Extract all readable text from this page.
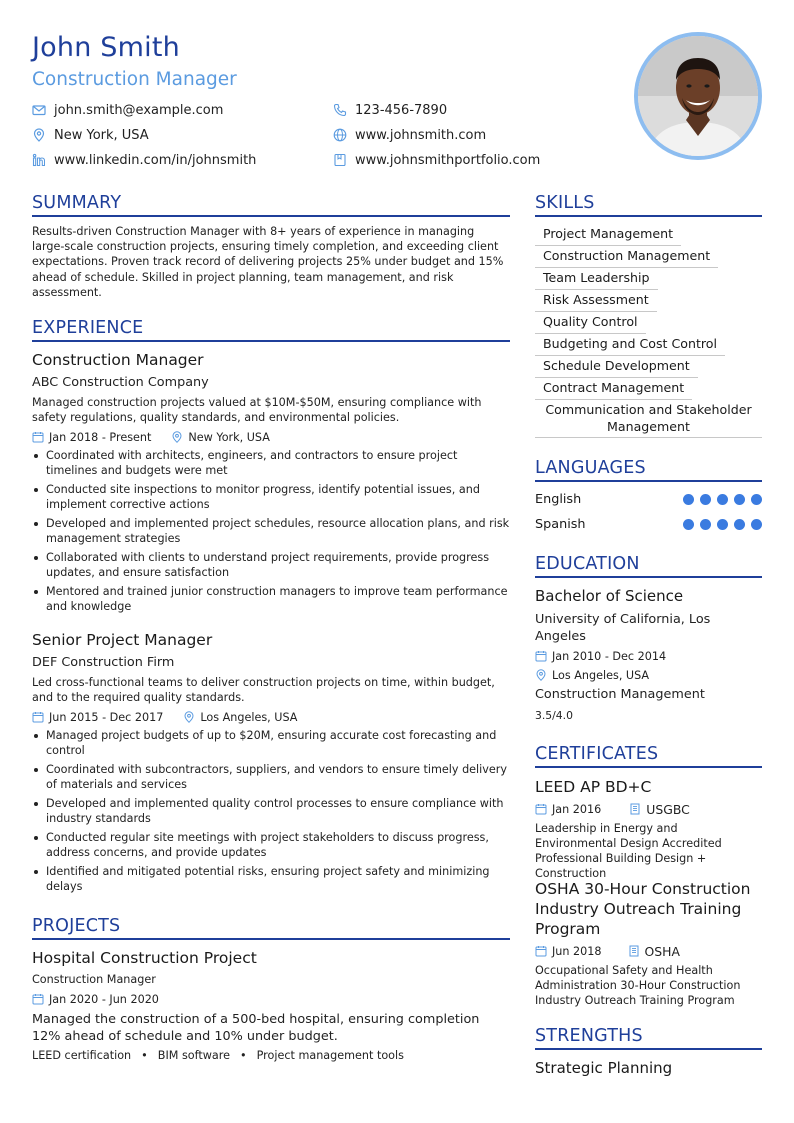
John Smith
Construction Manager
john.smith@example.com	123-456-7890
New York, USA	www.johnsmith.com
www.linkedin.com/in/johnsmith	www.johnsmithportfolio.com
SUMMARY
Results-driven Construction Manager with 8+ years of experience in managing large-scale construction projects, ensuring timely completion, and exceeding client expectations. Proven track record of delivering projects 25% under budget and 15% ahead of schedule. Skilled in project planning, team management, and risk assessment.
EXPERIENCE
Construction Manager
ABC Construction Company
Managed construction projects valued at $10M-$50M, ensuring compliance with safety regulations, quality standards, and environmental policies.
Jan 2018 - Present	New York, USA
Coordinated with architects, engineers, and contractors to ensure project timelines and budgets were met
Conducted site inspections to monitor progress, identify potential issues, and implement corrective actions
Developed and implemented project schedules, resource allocation plans, and risk management strategies
Collaborated with clients to understand project requirements, provide progress updates, and ensure satisfaction
Mentored and trained junior construction managers to improve team performance and knowledge
Senior Project Manager
DEF Construction Firm
Led cross-functional teams to deliver construction projects on time, within budget, and to the required quality standards.
Jun 2015 - Dec 2017	Los Angeles, USA
Managed project budgets of up to $20M, ensuring accurate cost forecasting and control
Coordinated with subcontractors, suppliers, and vendors to ensure timely delivery of materials and services
Developed and implemented quality control processes to ensure compliance with industry standards
Conducted regular site meetings with project stakeholders to discuss progress, address concerns, and provide updates
Identified and mitigated potential risks, ensuring project safety and minimizing delays
PROJECTS
Hospital Construction Project
Construction Manager
Jan 2020 - Jun 2020
Managed the construction of a 500-bed hospital, ensuring completion 12% ahead of schedule and 10% under budget.
LEED certification • BIM software • Project management tools
SKILLS
Project Management
Construction Management
Team Leadership
Risk Assessment
Quality Control
Budgeting and Cost Control
Schedule Development
Contract Management
Communication and Stakeholder Management
LANGUAGES
English
Spanish
EDUCATION
Bachelor of Science
University of California, Los Angeles
Jan 2010 - Dec 2014
Los Angeles, USA
Construction Management
3.5/4.0
CERTIFICATES
LEED AP BD+C
Jan 2016	USGBC
Leadership in Energy and Environmental Design Accredited Professional Building Design + Construction
OSHA 30-Hour Construction Industry Outreach Training Program
Jun 2018	OSHA
Occupational Safety and Health Administration 30-Hour Construction Industry Outreach Training Program
STRENGTHS
Strategic Planning
